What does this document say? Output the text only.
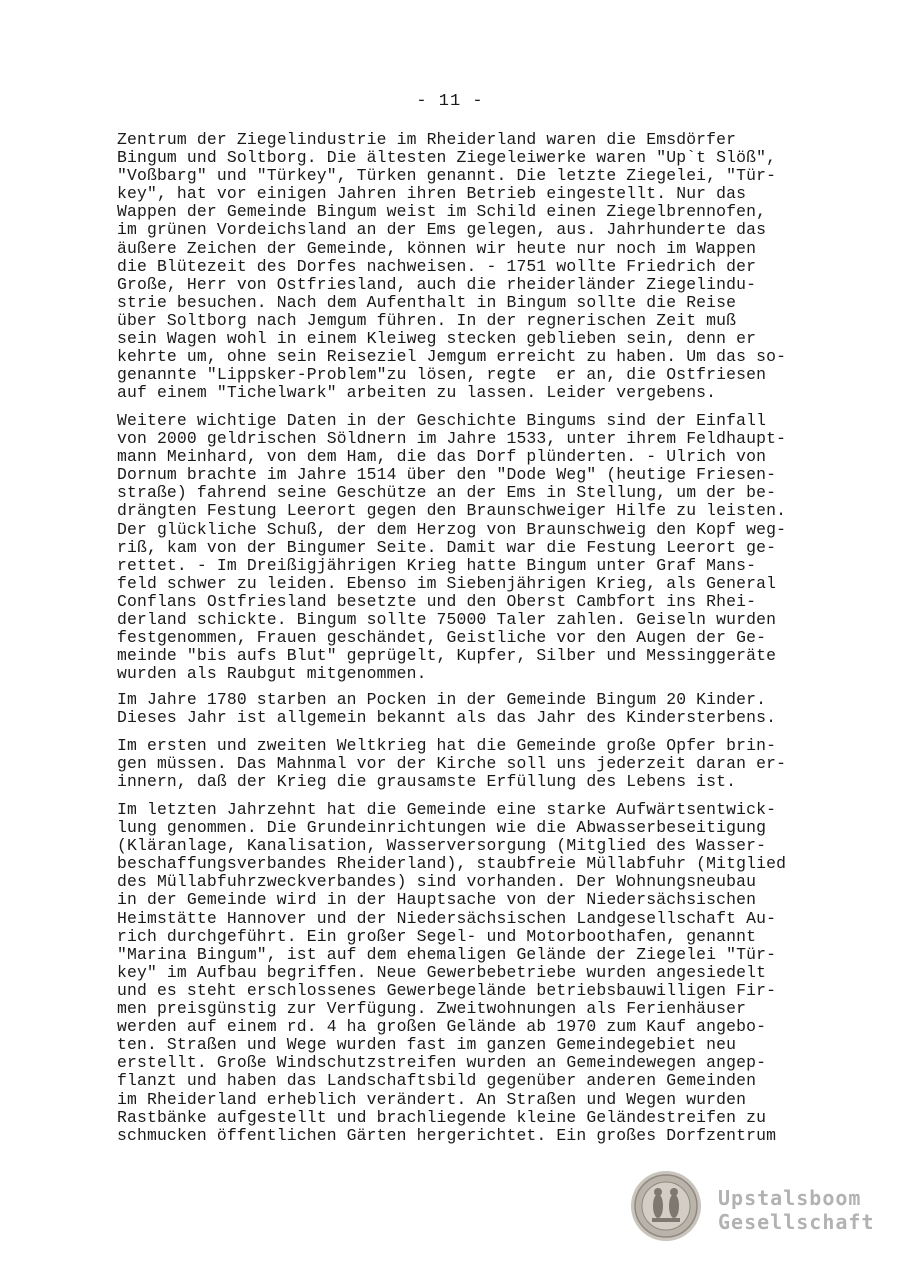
- 11 -
Zentrum der Ziegelindustrie im Rheiderland waren die Emsdörfer
Bingum und Soltborg. Die ältesten Ziegeleiwerke waren "Up`t Slöß",
"Voßbarg" und "Türkey", Türken genannt. Die letzte Ziegelei, "Tür-
key", hat vor einigen Jahren ihren Betrieb eingestellt. Nur das
Wappen der Gemeinde Bingum weist im Schild einen Ziegelbrennofen,
im grünen Vordeichsland an der Ems gelegen, aus. Jahrhunderte das
äußere Zeichen der Gemeinde, können wir heute nur noch im Wappen
die Blütezeit des Dorfes nachweisen. - 1751 wollte Friedrich der
Große, Herr von Ostfriesland, auch die rheiderländer Ziegelindu-
strie besuchen. Nach dem Aufenthalt in Bingum sollte die Reise
über Soltborg nach Jemgum führen. In der regnerischen Zeit muß
sein Wagen wohl in einem Kleiweg stecken geblieben sein, denn er
kehrte um, ohne sein Reiseziel Jemgum erreicht zu haben. Um das so-
genannte "Lippsker-Problem"zu lösen, regte  er an, die Ostfriesen
auf einem "Tichelwark" arbeiten zu lassen. Leider vergebens.
Weitere wichtige Daten in der Geschichte Bingums sind der Einfall
von 2000 geldrischen Söldnern im Jahre 1533, unter ihrem Feldhaupt-
mann Meinhard, von dem Ham, die das Dorf plünderten. - Ulrich von
Dornum brachte im Jahre 1514 über den "Dode Weg" (heutige Friesen-
straße) fahrend seine Geschütze an der Ems in Stellung, um der be-
drängten Festung Leerort gegen den Braunschweiger Hilfe zu leisten.
Der glückliche Schuß, der dem Herzog von Braunschweig den Kopf weg-
riß, kam von der Bingumer Seite. Damit war die Festung Leerort ge-
rettet. - Im Dreißigjährigen Krieg hatte Bingum unter Graf Mans-
feld schwer zu leiden. Ebenso im Siebenjährigen Krieg, als General
Conflans Ostfriesland besetzte und den Oberst Cambfort ins Rhei-
derland schickte. Bingum sollte 75000 Taler zahlen. Geiseln wurden
festgenommen, Frauen geschändet, Geistliche vor den Augen der Ge-
meinde "bis aufs Blut" geprügelt, Kupfer, Silber und Messinggeräte
wurden als Raubgut mitgenommen.
Im Jahre 1780 starben an Pocken in der Gemeinde Bingum 20 Kinder.
Dieses Jahr ist allgemein bekannt als das Jahr des Kindersterbens.
Im ersten und zweiten Weltkrieg hat die Gemeinde große Opfer brin-
gen müssen. Das Mahnmal vor der Kirche soll uns jederzeit daran er-
innern, daß der Krieg die grausamste Erfüllung des Lebens ist.
Im letzten Jahrzehnt hat die Gemeinde eine starke Aufwärtsentwick-
lung genommen. Die Grundeinrichtungen wie die Abwasserbeseitigung
(Kläranlage, Kanalisation, Wasserversorgung (Mitglied des Wasser-
beschaffungsverbandes Rheiderland), staubfreie Müllabfuhr (Mitglied
des Müllabfuhrzweckverbandes) sind vorhanden. Der Wohnungsneubau
in der Gemeinde wird in der Hauptsache von der Niedersächsischen
Heimstätte Hannover und der Niedersächsischen Landgesellschaft Au-
rich durchgeführt. Ein großer Segel- und Motorboothafen, genannt
"Marina Bingum", ist auf dem ehemaligen Gelände der Ziegelei "Tür-
key" im Aufbau begriffen. Neue Gewerbebetriebe wurden angesiedelt
und es steht erschlossenes Gewerbegelände betriebsbauwilligen Fir-
men preisgünstig zur Verfügung. Zweitwohnungen als Ferienhäuser
werden auf einem rd. 4 ha großen Gelände ab 1970 zum Kauf angebo-
ten. Straßen und Wege wurden fast im ganzen Gemeindegebiet neu
erstellt. Große Windschutzstreifen wurden an Gemeindewegen angep-
flanzt und haben das Landschaftsbild gegenüber anderen Gemeinden
im Rheiderland erheblich verändert. An Straßen und Wegen wurden
Rastbänke aufgestellt und brachliegende kleine Geländestreifen zu
schmucken öffentlichen Gärten hergerichtet. Ein großes Dorfzentrum
Upstalsboom
Gesellschaft
